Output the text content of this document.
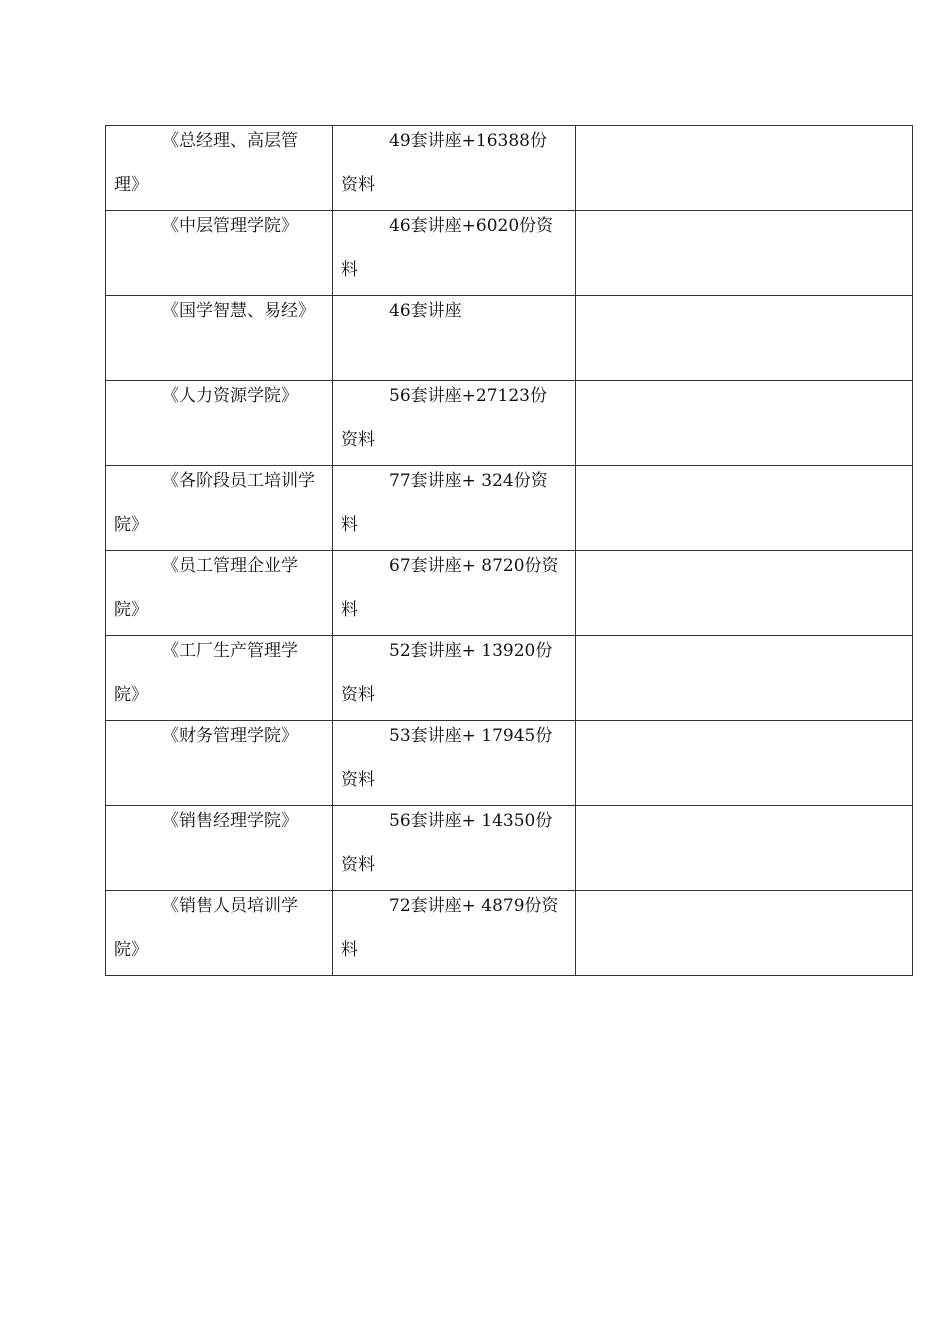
《总经理、高层管理》	49套讲座+16388份资料	

《中层管理学院》	46套讲座+6020份资料	

《国学智慧、易经》	46套讲座	

《人力资源学院》	56套讲座+27123份资料	

《各阶段员工培训学院》	77套讲座+ 324份资料	

《员工管理企业学院》	67套讲座+ 8720份资料	

《工厂生产管理学院》	52套讲座+ 13920份资料	

《财务管理学院》	53套讲座+ 17945份资料	

《销售经理学院》	56套讲座+ 14350份资料	

《销售人员培训学院》	72套讲座+ 4879份资料	
